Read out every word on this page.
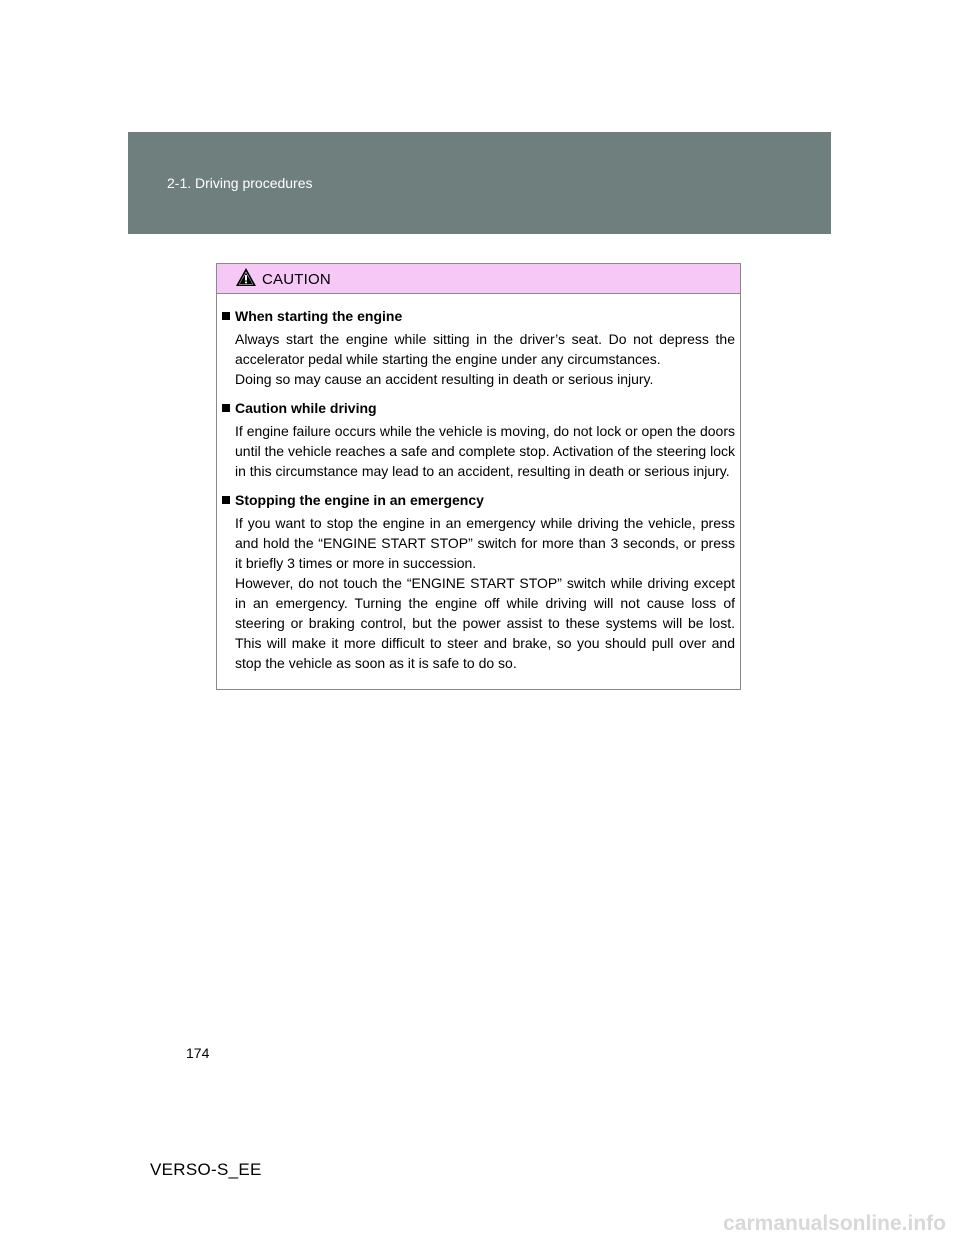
2-1. Driving procedures
CAUTION
When starting the engine

Always start the engine while sitting in the driver’s seat. Do not depress the accelerator pedal while starting the engine under any circumstances.

Doing so may cause an accident resulting in death or serious injury.

Caution while driving

If engine failure occurs while the vehicle is moving, do not lock or open the doors until the vehicle reaches a safe and complete stop. Activation of the steering lock in this circumstance may lead to an accident, resulting in death or serious injury.

Stopping the engine in an emergency

If you want to stop the engine in an emergency while driving the vehicle, press and hold the “ENGINE START STOP” switch for more than 3 seconds, or press it briefly 3 times or more in succession.

However, do not touch the “ENGINE START STOP” switch while driving except in an emergency. Turning the engine off while driving will not cause loss of steering or braking control, but the power assist to these systems will be lost. This will make it more difficult to steer and brake, so you should pull over and stop the vehicle as soon as it is safe to do so.

174
VERSO-S_EE
carmanualsonline.info
